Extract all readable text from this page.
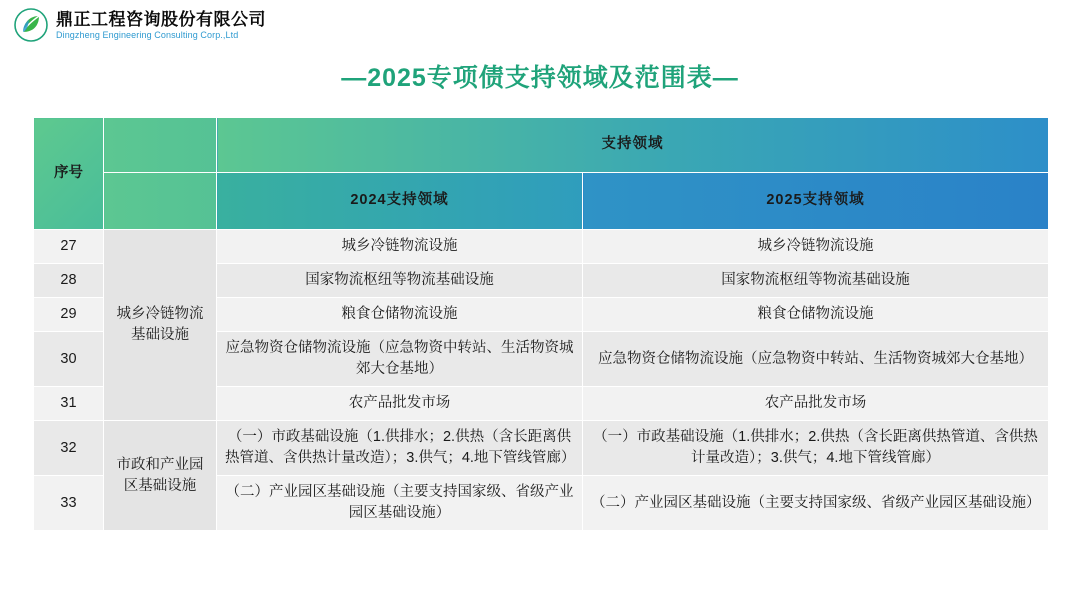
鼎正工程咨询股份有限公司
Dingzheng Engineering Consulting Corp.,Ltd
—2025专项债支持领域及范围表—
序号		支持领域	
		2024支持领域	2025支持领域
27	城乡冷链物流基础设施	城乡冷链物流设施	城乡冷链物流设施
28		国家物流枢纽等物流基础设施	国家物流枢纽等物流基础设施
29		粮食仓储物流设施	粮食仓储物流设施
30		应急物资仓储物流设施（应急物资中转站、生活物资城郊大仓基地）	应急物资仓储物流设施（应急物资中转站、生活物资城郊大仓基地）
31		农产品批发市场	农产品批发市场
32	市政和产业园区基础设施	（一）市政基础设施（1.供排水；2.供热（含长距离供热管道、含供热计量改造）；3.供气；4.地下管线管廊）	（一）市政基础设施（1.供排水；2.供热（含长距离供热管道、含供热计量改造）；3.供气；4.地下管线管廊）
33		（二）产业园区基础设施（主要支持国家级、省级产业园区基础设施）	（二）产业园区基础设施（主要支持国家级、省级产业园区基础设施）
